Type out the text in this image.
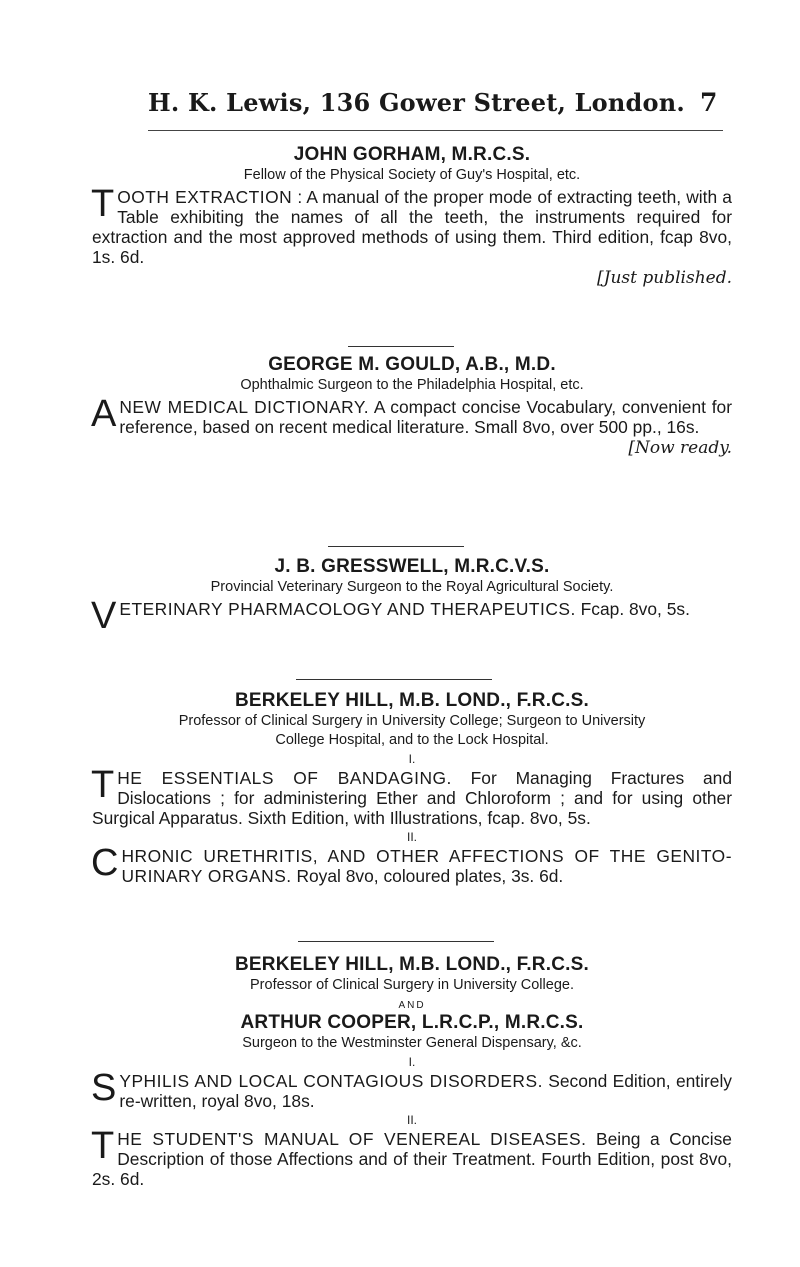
H. K. Lewis, 136 Gower Street, London. 7
JOHN GORHAM, M.R.C.S.
Fellow of the Physical Society of Guy's Hospital, etc.
TOOTH EXTRACTION : A manual of the proper mode of extracting teeth, with a Table exhibiting the names of all the teeth, the instruments required for extraction and the most approved methods of using them. Third edition, fcap 8vo, 1s. 6d.
[Just published.
GEORGE M. GOULD, A.B., M.D.
Ophthalmic Surgeon to the Philadelphia Hospital, etc.
A NEW MEDICAL DICTIONARY. A compact concise Vocabulary, convenient for reference, based on recent medical literature. Small 8vo, over 500 pp., 16s.
[Now ready.
J. B. GRESSWELL, M.R.C.V.S.
Provincial Veterinary Surgeon to the Royal Agricultural Society.
VETERINARY PHARMACOLOGY AND THERAPEUTICS. Fcap. 8vo, 5s.
BERKELEY HILL, M.B. LOND., F.R.C.S.
Professor of Clinical Surgery in University College; Surgeon to University
College Hospital, and to the Lock Hospital.
I.
THE ESSENTIALS OF BANDAGING. For Managing Fractures and Dislocations ; for administering Ether and Chloroform ; and for using other Surgical Apparatus. Sixth Edition, with Illustrations, fcap. 8vo, 5s.
II.
CHRONIC URETHRITIS, AND OTHER AFFECTIONS OF THE GENITO-URINARY ORGANS. Royal 8vo, coloured plates, 3s. 6d.
BERKELEY HILL, M.B. LOND., F.R.C.S.
Professor of Clinical Surgery in University College.
AND
ARTHUR COOPER, L.R.C.P., M.R.C.S.
Surgeon to the Westminster General Dispensary, &c.
I.
SYPHILIS AND LOCAL CONTAGIOUS DISORDERS. Second Edition, entirely re-written, royal 8vo, 18s.
II.
THE STUDENT'S MANUAL OF VENEREAL DISEASES. Being a Concise Description of those Affections and of their Treatment. Fourth Edition, post 8vo, 2s. 6d.
